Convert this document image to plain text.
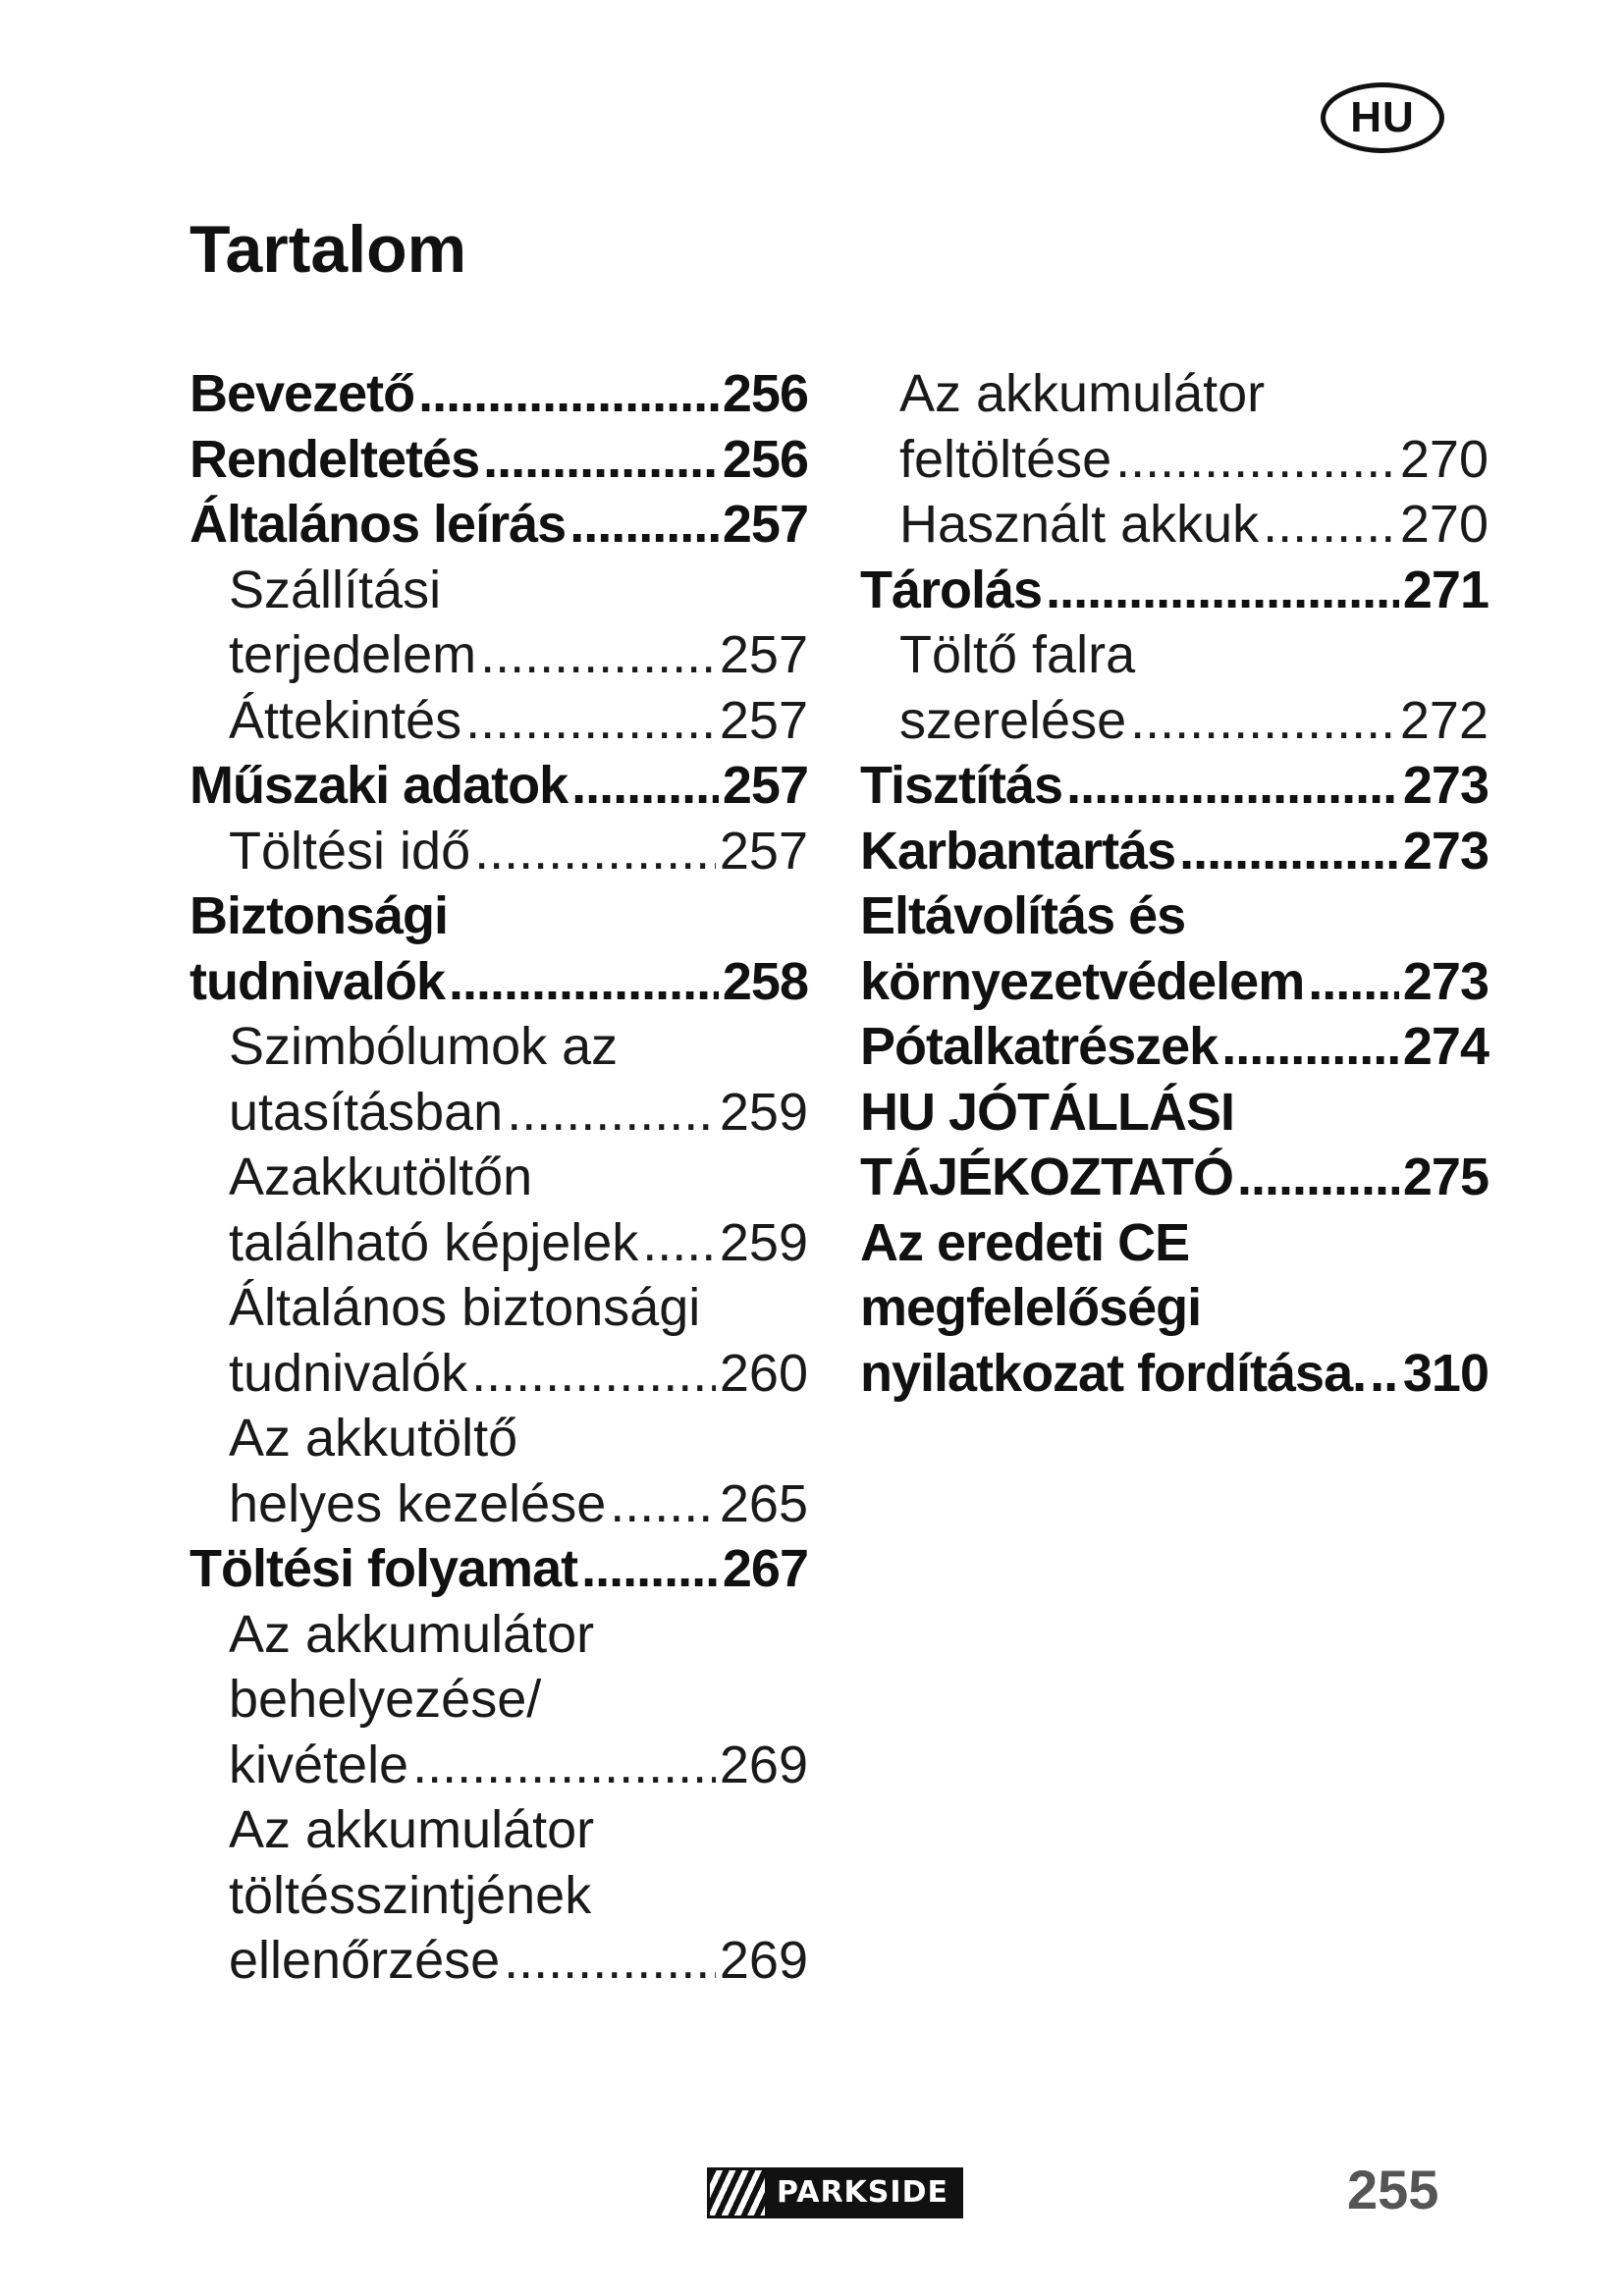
HU
Tartalom
Bevezető .....	256
Rendeltetés .....	256
Általános leírás .....	257
Szállítási
terjedelem .....	257
Áttekintés .....	257
Műszaki adatok .....	257
Töltési idő .....	257
Biztonsági
tudnivalók .....	258
Szimbólumok az
utasításban .....	259
Azakkutöltőn
található képjelek ..... 259
Általános biztonsági
tudnivalók .....	260
Az akkutöltő
helyes kezelése ..... 265
Töltési folyamat .....	267
Az akkumulátor
behelyezése/
kivétele .....	269
Az akkumulátor
töltésszintjének
ellenőrzése .....	269
Az akkumulátor
feltöltése .....	270
Használt akkuk .....	270
Tárolás .....	271
Töltő falra
szerelése .....	272
Tisztítás .....	273
Karbantartás .....	273
Eltávolítás és
környezetvédelem ..... 273
Pótalkatrészek .....	274
HU JÓTÁLLÁSI
TÁJÉKOZTATÓ .....	275
Az eredeti CE
megfelelőségi
nyilatkozat fordítása. ..... 310
PARKSIDE	255
